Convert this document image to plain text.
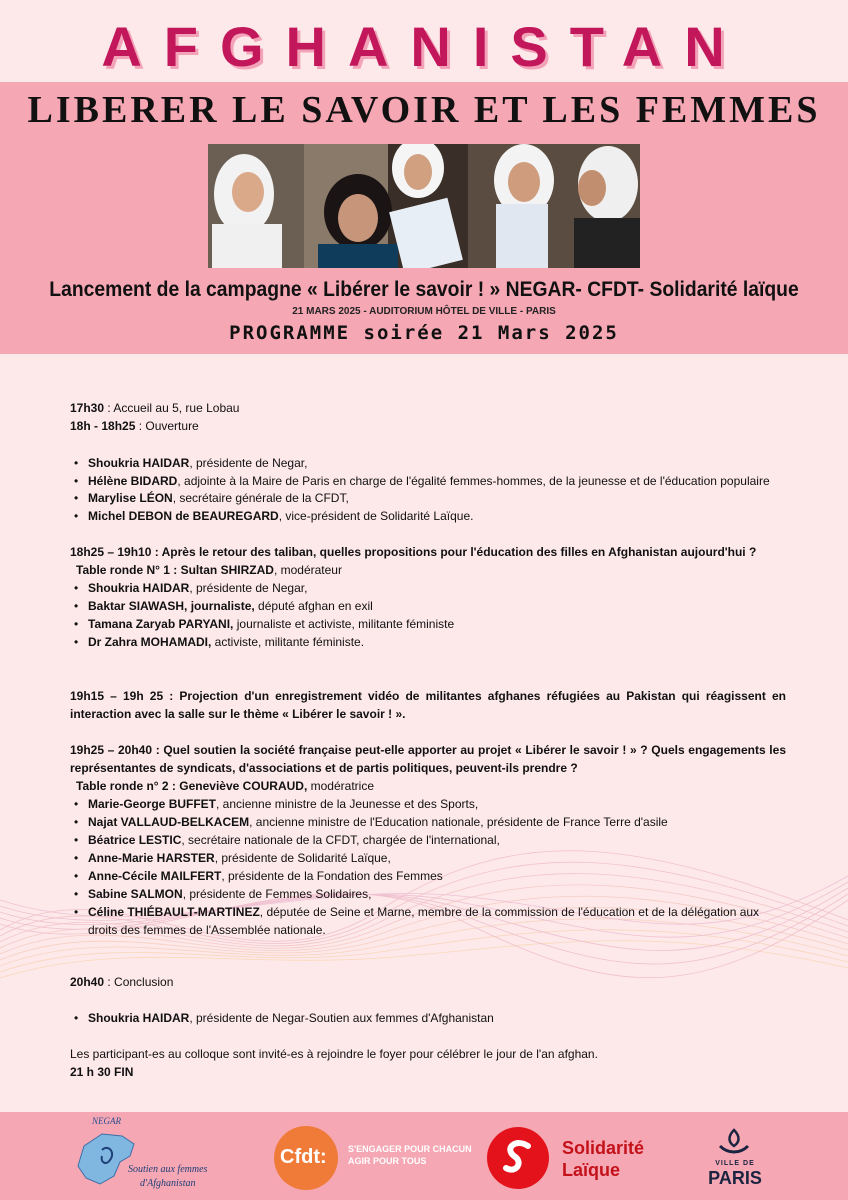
AFGHANISTAN
LIBERER LE SAVOIR ET LES FEMMES

Lancement de la campagne « Libérer le savoir ! » NEGAR- CFDT- Solidarité laïque

21 MARS 2025 - AUDITORIUM HÔTEL DE VILLE - PARIS

PROGRAMME soirée 21 Mars 2025

17h30 : Accueil au 5, rue Lobau

18h - 18h25 : Ouverture

• Shoukria HAIDAR, présidente de Negar,
• Hélène BIDARD, adjointe à la Maire de Paris en charge de l'égalité femmes-hommes, de la jeunesse et de l'éducation populaire
• Marylise LÉON, secrétaire générale de la CFDT,
• Michel DEBON de BEAUREGARD, vice-président de Solidarité Laïque.

18h25 – 19h10 : Après le retour des taliban, quelles propositions pour l'éducation des filles en Afghanistan aujourd'hui ?

Table ronde N° 1 : Sultan SHIRZAD, modérateur

• Shoukria HAIDAR, présidente de Negar,
• Baktar SIAWASH, journaliste, député afghan en exil
• Tamana Zaryab PARYANI, journaliste et activiste, militante féministe
• Dr Zahra MOHAMADI, activiste, militante féministe.

19h15 – 19h 25 : Projection d'un enregistrement vidéo de militantes afghanes réfugiées au Pakistan qui réagissent en interaction avec la salle sur le thème « Libérer le savoir ! ».

19h25 – 20h40 : Quel soutien la société française peut-elle apporter au projet « Libérer le savoir ! » ? Quels engagements les représentantes de syndicats, d'associations et de partis politiques, peuvent-ils prendre ?

Table ronde n° 2 : Geneviève COURAUD, modératrice

• Marie-George BUFFET, ancienne ministre de la Jeunesse et des Sports,
• Najat VALLAUD-BELKACEM, ancienne ministre de l'Education nationale, présidente de France Terre d'asile
• Béatrice LESTIC, secrétaire nationale de la CFDT, chargée de l'international,
• Anne-Marie HARSTER, présidente de Solidarité Laïque,
• Anne-Cécile MAILFERT, présidente de la Fondation des Femmes
• Sabine SALMON, présidente de Femmes Solidaires,
• Céline THIÉBAULT-MARTINEZ, députée de Seine et Marne, membre de la commission de l'éducation et de la délégation aux droits des femmes de l'Assemblée nationale.

20h40 : Conclusion

• Shoukria HAIDAR, présidente de Negar-Soutien aux femmes d'Afghanistan

Les participant-es au colloque sont invité-es à rejoindre le foyer pour célébrer le jour de l'an afghan.

21 h 30 FIN

NEGAR
Soutien aux femmes
d'Afghanistan
Cfdt: S'ENGAGER POUR CHACUN
AGIR POUR TOUS
Solidarité
Laïque	VILLE DE
PARIS
